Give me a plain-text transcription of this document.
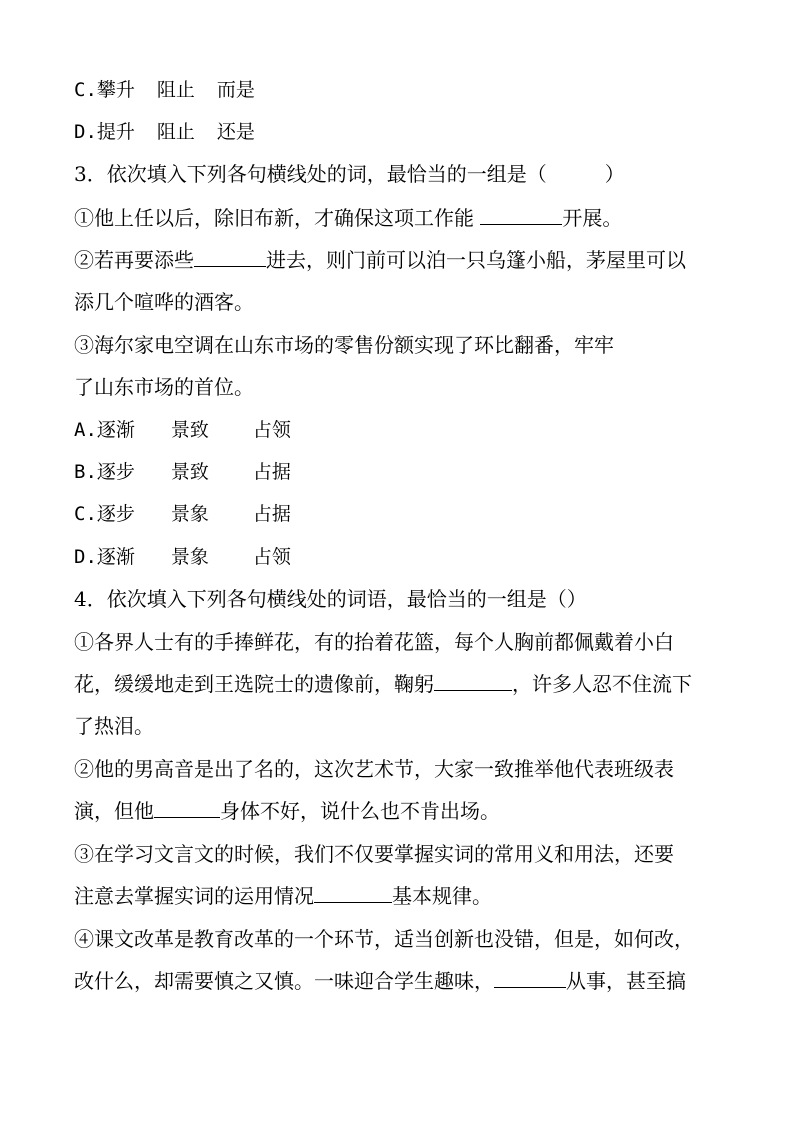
C.攀升 阻止 而是
D.提升 阻止 还是
3．依次填入下列各句横线处的词，最恰当的一组是（	）
①他上任以后，除旧布新，才确保这项工作能	开展。
②若再要添些	进去，则门前可以泊一只乌篷小船，茅屋里可以
添几个喧哗的酒客。
③海尔家电空调在山东市场的零售份额实现了环比翻番，牢牢
了山东市场的首位。
A.逐渐 景致 占领
B.逐步 景致 占据
C.逐步 景象 占据
D.逐渐 景象 占领
4．依次填入下列各句横线处的词语，最恰当的一组是（）
①各界人士有的手捧鲜花，有的抬着花篮，每个人胸前都佩戴着小白
花，缓缓地走到王选院士的遗像前，鞠躬	，许多人忍不住流下
了热泪。
②他的男高音是出了名的，这次艺术节，大家一致推举他代表班级表
演，但他	身体不好，说什么也不肯出场。
③在学习文言文的时候，我们不仅要掌握实词的常用义和用法，还要
注意去掌握实词的运用情况	基本规律。
④课文改革是教育改革的一个环节，适当创新也没错，但是，如何改，
改什么，却需要慎之又慎。一味迎合学生趣味，	从事，甚至搞
